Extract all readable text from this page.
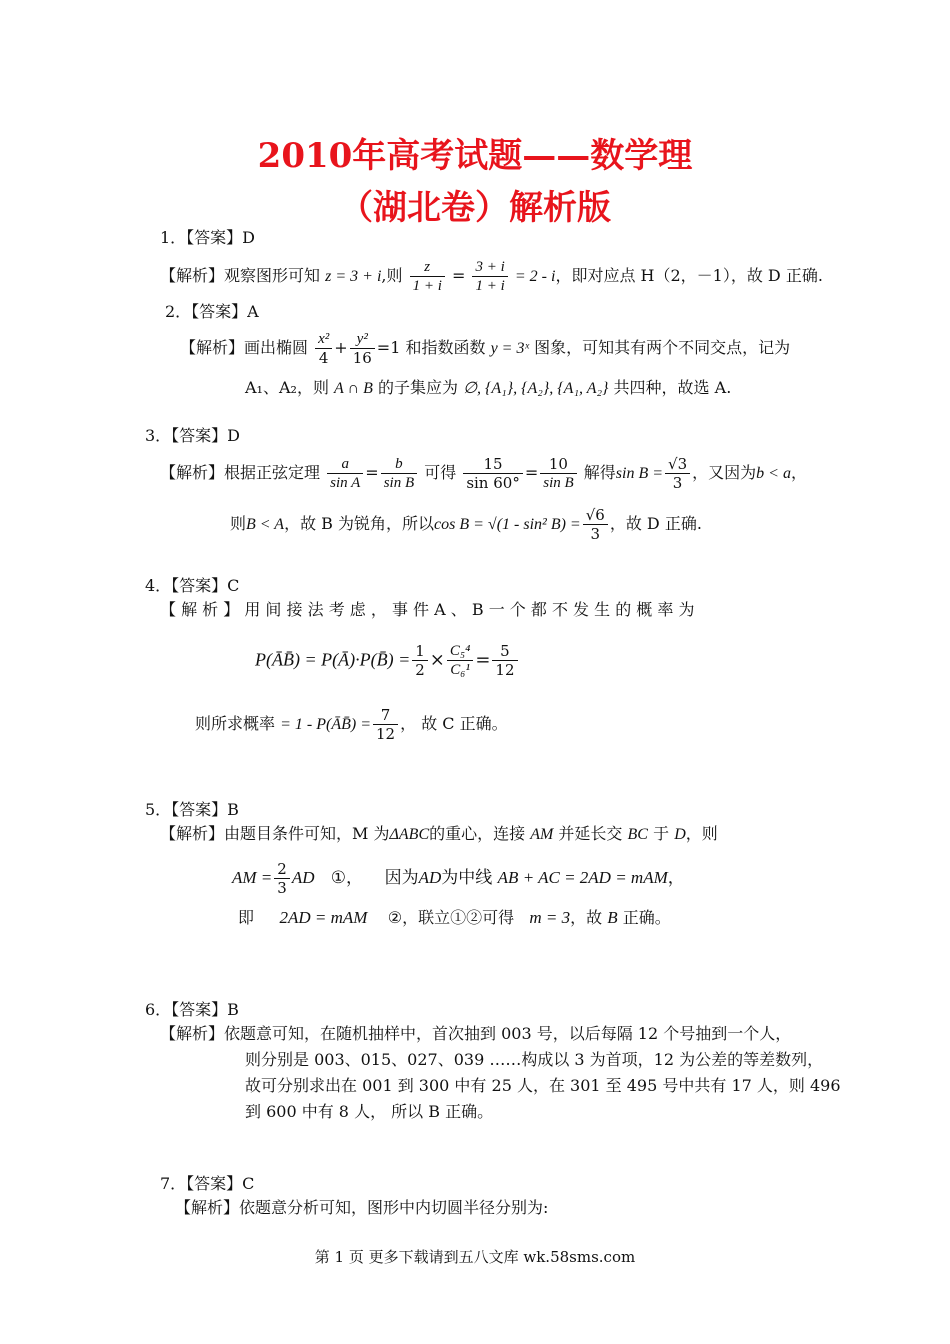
2010年高考试题——数学理
（湖北卷）解析版
1．【答案】D
【解析】观察图形可知 z = 3 + i,则 $\frac{z}{1 + i} = \frac{3 + i}{1 + i} = 2 - i$，即对应点 H（2，－1），故 D 正确.
2．【答案】A
【解析】画出椭圆 $\frac{\text{x²}}{4} + \frac{\text{y²}}{16} =1$ 和指数函数 y = 3ˣ 图象，可知其有两个不同交点，记为
A₁、A₂，则 A ∩ B 的子集应为 ∅, {A₁}, {A₂}, {A₁, A₂} 共四种，故选 A.
3．【答案】D
【解析】根据正弦定理 $\frac{a}{\text{sin A}} = \frac{b}{\text{sin B}}$ 可得 $\frac{15}{\sin 60^\circ} = \frac{10}{\text{sin B}}$ 解得$\sin B = \frac{√3}{3}$ ，又因为b < a，
则B < A，故 B 为锐角，所以cos B = √(1 - sin² $B) = \frac{√6}{3}$ ，故 D 正确.
4．【答案】C
【 解 析 】 用 间 接 法 考 虑 ， 事 件 A 、 B 一 个 都 不 发 生 的 概 率 为
P(ĀB̄) = P(Ā)·P(B̄) = $\frac{1}{2} \times \frac{\text{C₅⁴}}{\text{C₆¹}} = \frac{5}{12}$
则所求概率 = 1 - P(ĀB̄) = $\frac{7}{12}$ ， 故 C 正确。
5．【答案】B
【解析】由题目条件可知，M 为ΔABC的重心，连接 AM 并延长交 BC 于 D，则
AM = $\frac{2}{3}$ AD ①， 因为AD为中线 AB + AC = 2AD = mAM，
即 2AD = mAM ②，联立①②可得 m = 3，故 B 正确。
6．【答案】B
【解析】依题意可知，在随机抽样中，首次抽到 003 号，以后每隔 12 个号抽到一个人，
则分别是 003、015、027、039 ……构成以 3 为首项，12 为公差的等差数列，
故可分别求出在 001 到 300 中有 25 人，在 301 至 495 号中共有 17 人，则 496
到 600 中有 8 人， 所以 B 正确。
7．【答案】C
【解析】依题意分析可知，图形中内切圆半径分别为:
第 1 页 更多下载请到五八文库 wk.58sms.com
